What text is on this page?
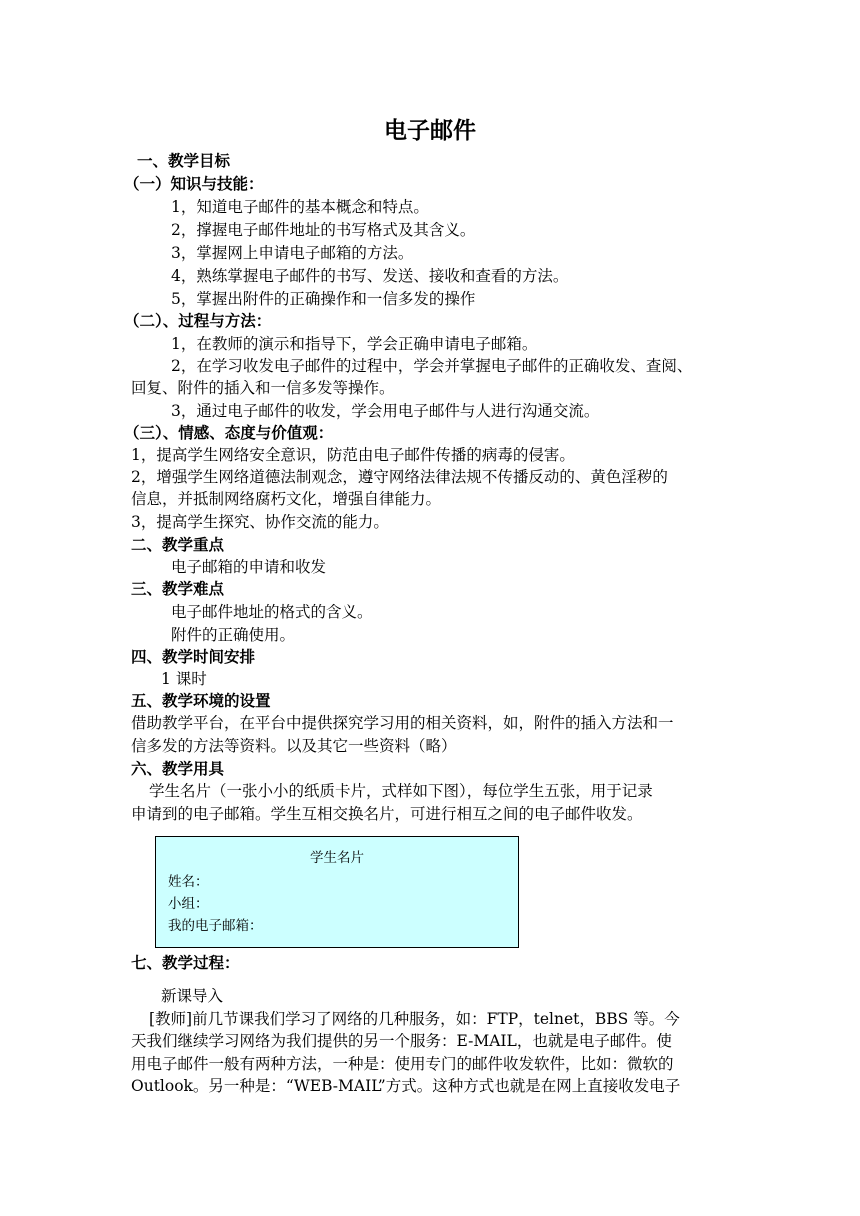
电子邮件
一、教学目标
（一）知识与技能：
1，知道电子邮件的基本概念和特点。
2，撑握电子邮件地址的书写格式及其含义。
3，掌握网上申请电子邮箱的方法。
4，熟练掌握电子邮件的书写、发送、接收和查看的方法。
5，掌握出附件的正确操作和一信多发的操作
（二）、过程与方法：
1，在教师的演示和指导下，学会正确申请电子邮箱。
2，在学习收发电子邮件的过程中，学会并掌握电子邮件的正确收发、查阅、
回复、附件的插入和一信多发等操作。
3，通过电子邮件的收发，学会用电子邮件与人进行沟通交流。
（三）、情感、态度与价值观：
1，提高学生网络安全意识，防范由电子邮件传播的病毒的侵害。
2，增强学生网络道德法制观念，遵守网络法律法规不传播反动的、黄色淫秽的
信息，并抵制网络腐朽文化，增强自律能力。
3，提高学生探究、协作交流的能力。
二、教学重点
电子邮箱的申请和收发
三、教学难点
电子邮件地址的格式的含义。
附件的正确使用。
四、教学时间安排
1 课时
五、教学环境的设置
借助教学平台，在平台中提供探究学习用的相关资料，如，附件的插入方法和一
信多发的方法等资料。以及其它一些资料（略）
六、教学用具
学生名片（一张小小的纸质卡片，式样如下图），每位学生五张，用于记录
申请到的电子邮箱。学生互相交换名片，可进行相互之间的电子邮件收发。
学生名片
姓名：
小组：
我的电子邮箱：
七、教学过程：
新课导入
[教师]前几节课我们学习了网络的几种服务，如：FTP，telnet，BBS 等。今
天我们继续学习网络为我们提供的另一个服务：E-MAIL，也就是电子邮件。使
用电子邮件一般有两种方法，一种是：使用专门的邮件收发软件，比如：微软的
Outlook。另一种是：“WEB-MAIL”方式。这种方式也就是在网上直接收发电子
